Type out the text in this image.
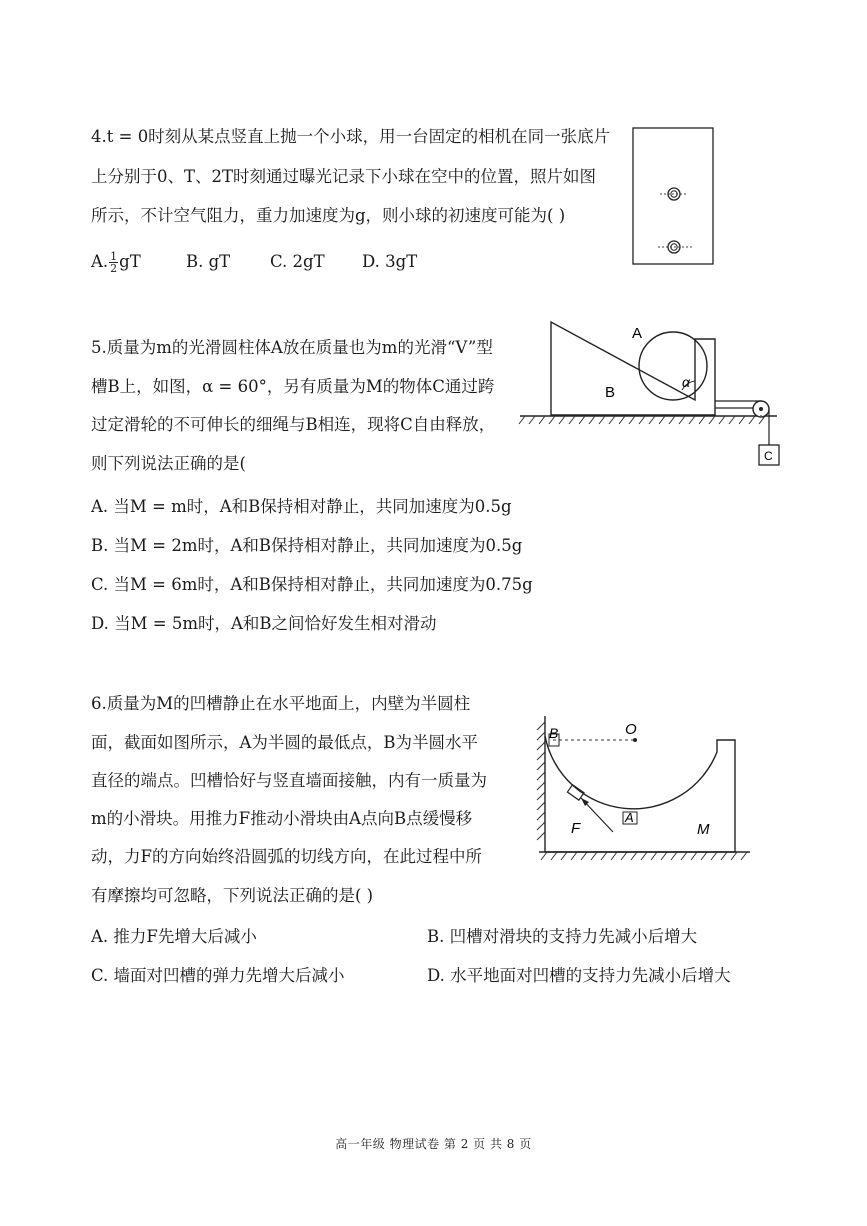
4.t = 0时刻从某点竖直上抛一个小球，用一台固定的相机在同一张底片
上分别于0、T、2T时刻通过曝光记录下小球在空中的位置，照片如图
所示，不计空气阻力，重力加速度为g，则小球的初速度可能为( )
A. $\frac{1}{2}$ gT	B. gT C. 2gT D. 3gT
5.质量为m的光滑圆柱体A放在质量也为m的光滑“V”型
槽B上，如图，α = 60°，另有质量为M的物体C通过跨
过定滑轮的不可伸长的细绳与B相连，现将C自由释放，
则下列说法正确的是(
A. 当M = m时，A和B保持相对静止，共同加速度为0.5g
B. 当M = 2m时，A和B保持相对静止，共同加速度为0.5g
C. 当M = 6m时，A和B保持相对静止，共同加速度为0.75g
D. 当M = 5m时，A和B之间恰好发生相对滑动
α
A
B
C
6.质量为M的凹槽静止在水平地面上，内壁为半圆柱
面，截面如图所示，A为半圆的最低点，B为半圆水平
直径的端点。凹槽恰好与竖直墙面接触，内有一质量为
m的小滑块。用推力F推动小滑块由A点向B点缓慢移
动，力F的方向始终沿圆弧的切线方向，在此过程中所
有摩擦均可忽略，下列说法正确的是( )
A. 推力F先增大后减小	B. 凹槽对滑块的支持力先减小后增大
C. 墙面对凹槽的弹力先增大后减小	D. 水平地面对凹槽的支持力先减小后增大
O
B
F
A
M
高一年级 物理试卷 第 2 页 共 8 页
